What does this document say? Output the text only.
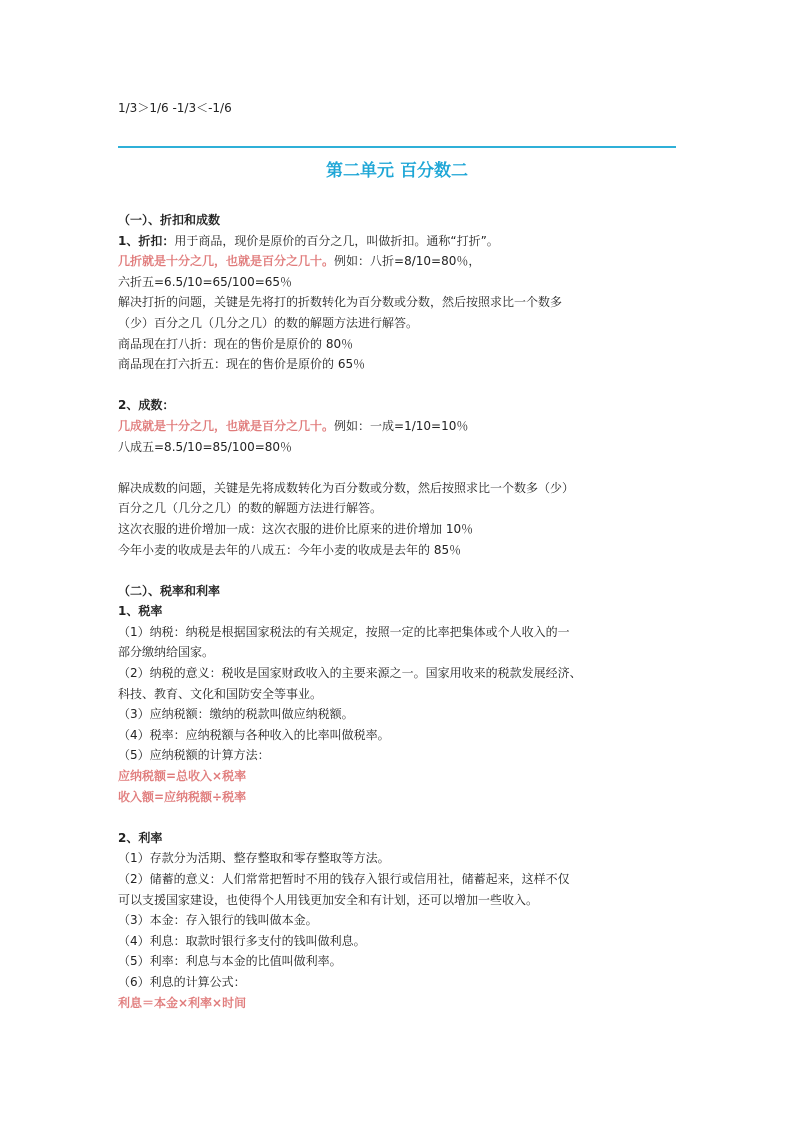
1/3＞1/6 -1/3＜-1/6
第二单元 百分数二
（一）、折扣和成数
1、折扣：用于商品，现价是原价的百分之几，叫做折扣。通称“打折”。
几折就是十分之几，也就是百分之几十。例如：八折=8/10=80％，
六折五=6.5/10=65/100=65％
解决打折的问题，关键是先将打的折数转化为百分数或分数，然后按照求比一个数多
（少）百分之几（几分之几）的数的解题方法进行解答。
商品现在打八折：现在的售价是原价的 80％
商品现在打六折五：现在的售价是原价的 65％
2、成数：
几成就是十分之几，也就是百分之几十。例如：一成=1/10=10％
八成五=8.5/10=85/100=80％
解决成数的问题，关键是先将成数转化为百分数或分数，然后按照求比一个数多（少）
百分之几（几分之几）的数的解题方法进行解答。
这次衣服的进价增加一成：这次衣服的进价比原来的进价增加 10％
今年小麦的收成是去年的八成五：今年小麦的收成是去年的 85％
（二）、税率和利率
1、税率
（1）纳税：纳税是根据国家税法的有关规定，按照一定的比率把集体或个人收入的一
部分缴纳给国家。
（2）纳税的意义：税收是国家财政收入的主要来源之一。国家用收来的税款发展经济、
科技、教育、文化和国防安全等事业。
（3）应纳税额：缴纳的税款叫做应纳税额。
（4）税率：应纳税额与各种收入的比率叫做税率。
（5）应纳税额的计算方法：
应纳税额=总收入×税率
收入额=应纳税额÷税率
2、利率
（1）存款分为活期、整存整取和零存整取等方法。
（2）储蓄的意义：人们常常把暂时不用的钱存入银行或信用社，储蓄起来，这样不仅
可以支援国家建设，也使得个人用钱更加安全和有计划，还可以增加一些收入。
（3）本金：存入银行的钱叫做本金。
（4）利息：取款时银行多支付的钱叫做利息。
（5）利率：利息与本金的比值叫做利率。
（6）利息的计算公式：
利息＝本金×利率×时间
